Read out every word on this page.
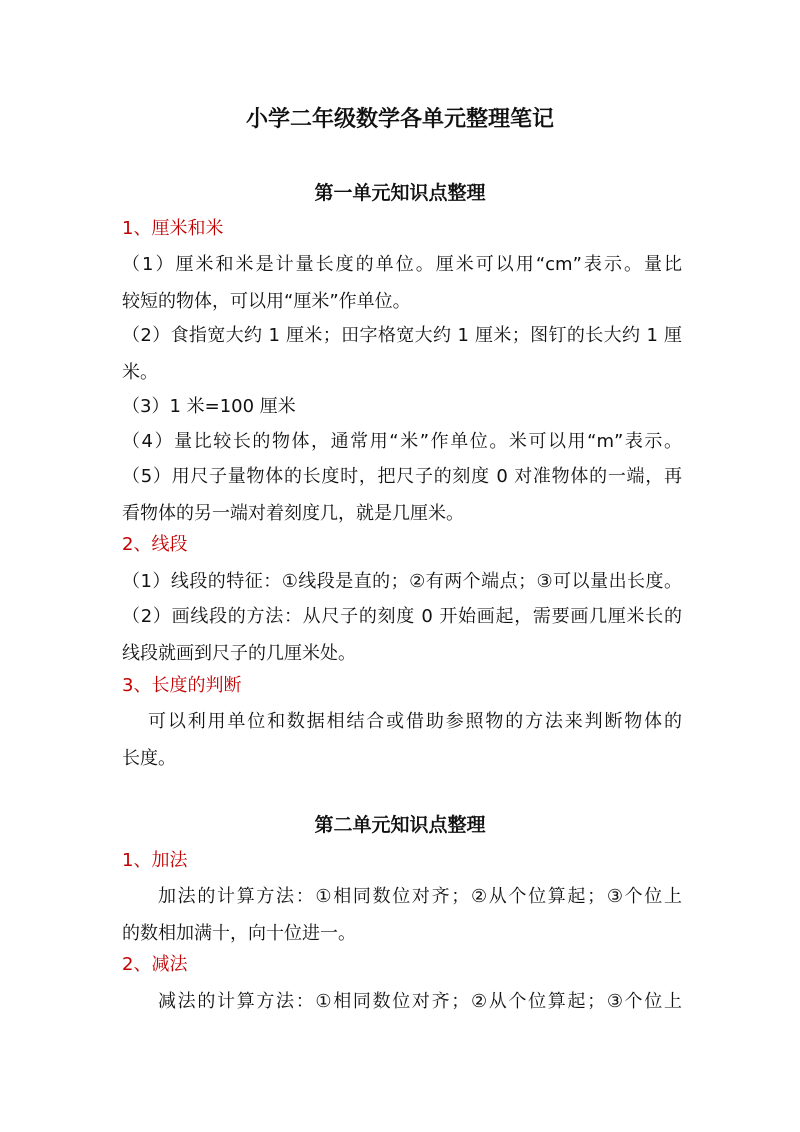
小学二年级数学各单元整理笔记
第一单元知识点整理
1、厘米和米
（1）厘米和米是计量长度的单位。厘米可以用“cm”表示。量比
较短的物体，可以用“厘米”作单位。
（2）食指宽大约 1 厘米；田字格宽大约 1 厘米；图钉的长大约 1 厘
米。
（3）1 米=100 厘米
（4）量比较长的物体，通常用“米”作单位。米可以用“m”表示。
（5）用尺子量物体的长度时，把尺子的刻度 0 对准物体的一端，再
看物体的另一端对着刻度几，就是几厘米。
2、线段
（1）线段的特征：①线段是直的；②有两个端点；③可以量出长度。
（2）画线段的方法：从尺子的刻度 0 开始画起，需要画几厘米长的
线段就画到尺子的几厘米处。
3、长度的判断
可以利用单位和数据相结合或借助参照物的方法来判断物体的
长度。
第二单元知识点整理
1、加法
加法的计算方法：①相同数位对齐；②从个位算起；③个位上
的数相加满十，向十位进一。
2、减法
减法的计算方法：①相同数位对齐；②从个位算起；③个位上
